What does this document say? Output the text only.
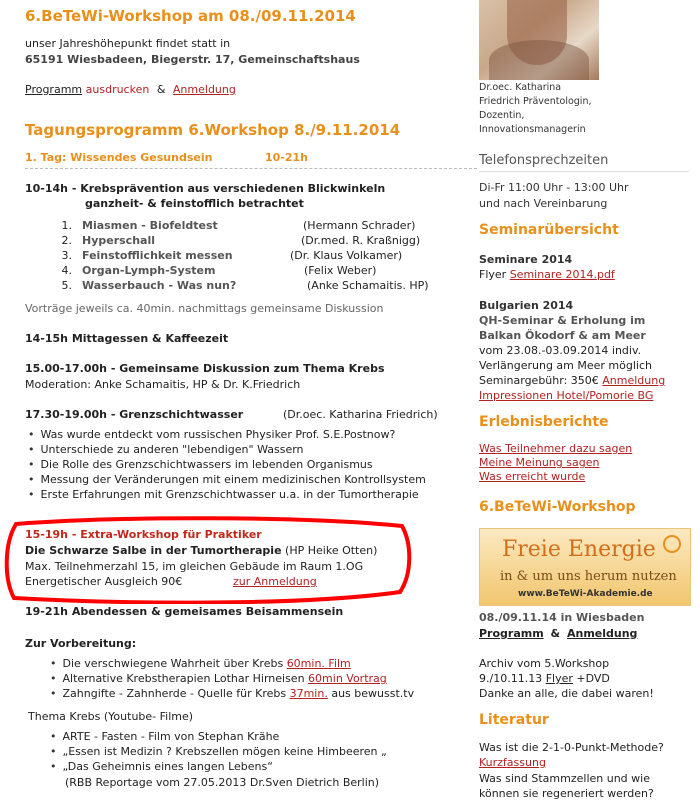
6.BeTeWi-Workshop am 08./09.11.2014
unser Jahreshöhepunkt findet statt in
65191 Wiesbadeen, Biegerstr. 17, Gemeinschaftshaus
Programm ausdrucken & Anmeldung
Tagungsprogramm 6.Workshop 8./9.11.2014
1. Tag: Wissendes Gesundsein	10-21h
10-14h - Krebsprävention aus verschiedenen Blickwinkeln
ganzheit- & feinstofflich betrachtet
1. Miasmen - Biofeldtest	(Hermann Schrader)
2. Hyperschall	(Dr.med. R. Kraßnigg)
3. Feinstofflichkeit messen	(Dr. Klaus Volkamer)
4. Organ-Lymph-System	(Felix Weber)
5. Wasserbauch - Was nun?	(Anke Schamaitis. HP)
Vorträge jeweils ca. 40min. nachmittags gemeinsame Diskussion
14-15h Mittagessen & Kaffeezeit
15.00-17.00h - Gemeinsame Diskussion zum Thema Krebs
Moderation: Anke Schamaitis, HP & Dr. K.Friedrich
17.30-19.00h - Grenzschichtwasser	(Dr.oec. Katharina Friedrich)
• Was wurde entdeckt vom russischen Physiker Prof. S.E.Postnow?
• Unterschiede zu anderen "lebendigen" Wassern
• Die Rolle des Grenzschichtwassers im lebenden Organismus
• Messung der Veränderungen mit einem medizinischen Kontrollsystem
• Erste Erfahrungen mit Grenzschichtwasser u.a. in der Tumortherapie
15-19h - Extra-Workshop für Praktiker
Die Schwarze Salbe in der Tumortherapie (HP Heike Otten)
Max. Teilnehmerzahl 15, im gleichen Gebäude im Raum 1.OG
Energetischer Ausgleich 90€	zur Anmeldung
19-21h Abendessen & gemeisames Beisammensein
Zur Vorbereitung:
• Die verschwiegene Wahrheit über Krebs 60min. Film
• Alternative Krebstherapien Lothar Hirneisen 60min Vortrag
• Zahngifte - Zahnherde - Quelle für Krebs 37min. aus bewusst.tv
Thema Krebs (Youtube- Filme)
• ARTE - Fasten - Film von Stephan Krähe
• „Essen ist Medizin ? Krebszellen mögen keine Himbeeren „
• „Das Geheimnis eines langen Lebens“
(RBB Reportage vom 27.05.2013 Dr.Sven Dietrich Berlin)
Dr.oec. Katharina
Friedrich Präventologin,
Dozentin,
Innovationsmanagerin
Telefonsprechzeiten
Di-Fr 11:00 Uhr - 13:00 Uhr
und nach Vereinbarung
Seminarübersicht
Seminare 2014
Flyer Seminare 2014.pdf
Bulgarien 2014
QH-Seminar & Erholung im
Balkan Ökodorf & am Meer
vom 23.08.-03.09.2014 indiv.
Verlängerung am Meer möglich
Seminargebühr: 350€ Anmeldung
Impressionen Hotel/Pomorie BG
Erlebnisberichte
Was Teilnehmer dazu sagen
Meine Meinung sagen
Was erreicht wurde
6.BeTeWi-Workshop
Freie Energie
in & um uns herum nutzen
www.BeTeWi-Akademie.de
08./09.11.14 in Wiesbaden
Programm & Anmeldung
Archiv vom 5.Workshop
9./10.11.13 Flyer +DVD
Danke an alle, die dabei waren!
Literatur
Was ist die 2-1-0-Punkt-Methode?
Kurzfassung
Was sind Stammzellen und wie
können sie regeneriert werden?
